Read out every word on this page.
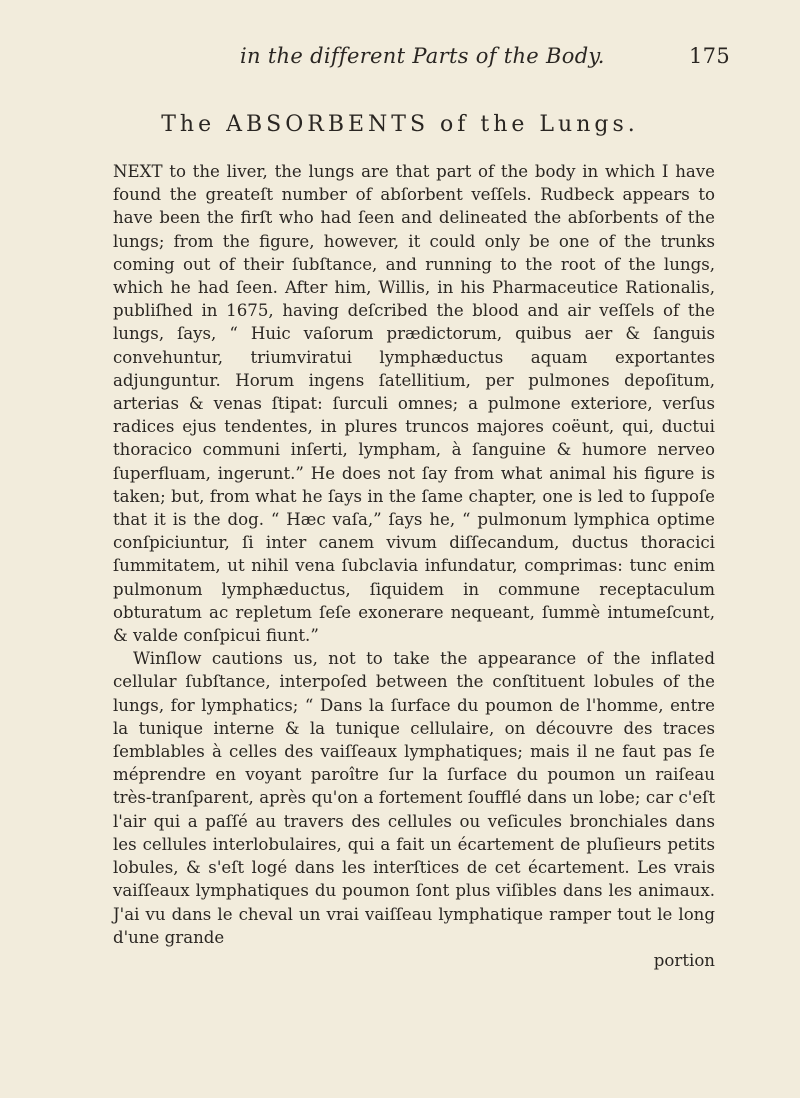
in the different Parts of the Body.	175
The ABSORBENTS of the Lungs.

NEXT to the liver, the lungs are that part of the body in which I have found the greateſt number of abſorbent veſſels. Rudbeck appears to have been the firſt who had ſeen and delineated the abſorbents of the lungs; from the figure, however, it could only be one of the trunks coming out of their ſubſtance, and running to the root of the lungs, which he had ſeen. After him, Willis, in his Pharmaceutice Rationalis, publiſhed in 1675, having deſcribed the blood and air veſſels of the lungs, ſays, “ Huic vaſorum prædictorum, quibus aer & ſanguis convehuntur, triumviratui lymphæductus aquam exportantes adjunguntur. Horum ingens ſatellitium, per pulmones depoſitum, arterias & venas ſtipat: ſurculi omnes; a pulmone exteriore, verſus radices ejus tendentes, in plures truncos majores coëunt, qui, ductui thoracico communi inſerti, lympham, à ſanguine & humore nerveo ſuperfluam, ingerunt.” He does not ſay from what animal his figure is taken; but, from what he ſays in the ſame chapter, one is led to ſuppoſe that it is the dog. “ Hæc vaſa,” ſays he, “ pulmonum lymphica optime conſpiciuntur, ſi inter canem vivum diſſecandum, ductus thoracici ſummitatem, ut nihil vena ſubclavia infundatur, comprimas: tunc enim pulmonum lymphæductus, ſiquidem in commune receptaculum obturatum ac repletum ſeſe exonerare nequeant, ſummè intumeſcunt, & valde conſpicui fiunt.”

Winſlow cautions us, not to take the appearance of the inflated cellular ſubſtance, interpoſed between the conſtituent lobules of the lungs, for lymphatics; “ Dans la ſurface du poumon de l'homme, entre la tunique interne & la tunique cellulaire, on découvre des traces ſemblables à celles des vaiſſeaux lymphatiques; mais il ne faut pas ſe méprendre en voyant paroître ſur la ſurface du poumon un raiſeau très-tranſparent, après qu'on a fortement ſoufflé dans un lobe; car c'eſt l'air qui a paſſé au travers des cellules ou veſicules bronchiales dans les cellules interlobulaires, qui a fait un écartement de pluſieurs petits lobules, & s'eſt logé dans les interſtices de cet écartement. Les vrais vaiſſeaux lymphatiques du poumon ſont plus viſibles dans les animaux. J'ai vu dans le cheval un vrai vaiſſeau lymphatique ramper tout le long d'une grande

portion
